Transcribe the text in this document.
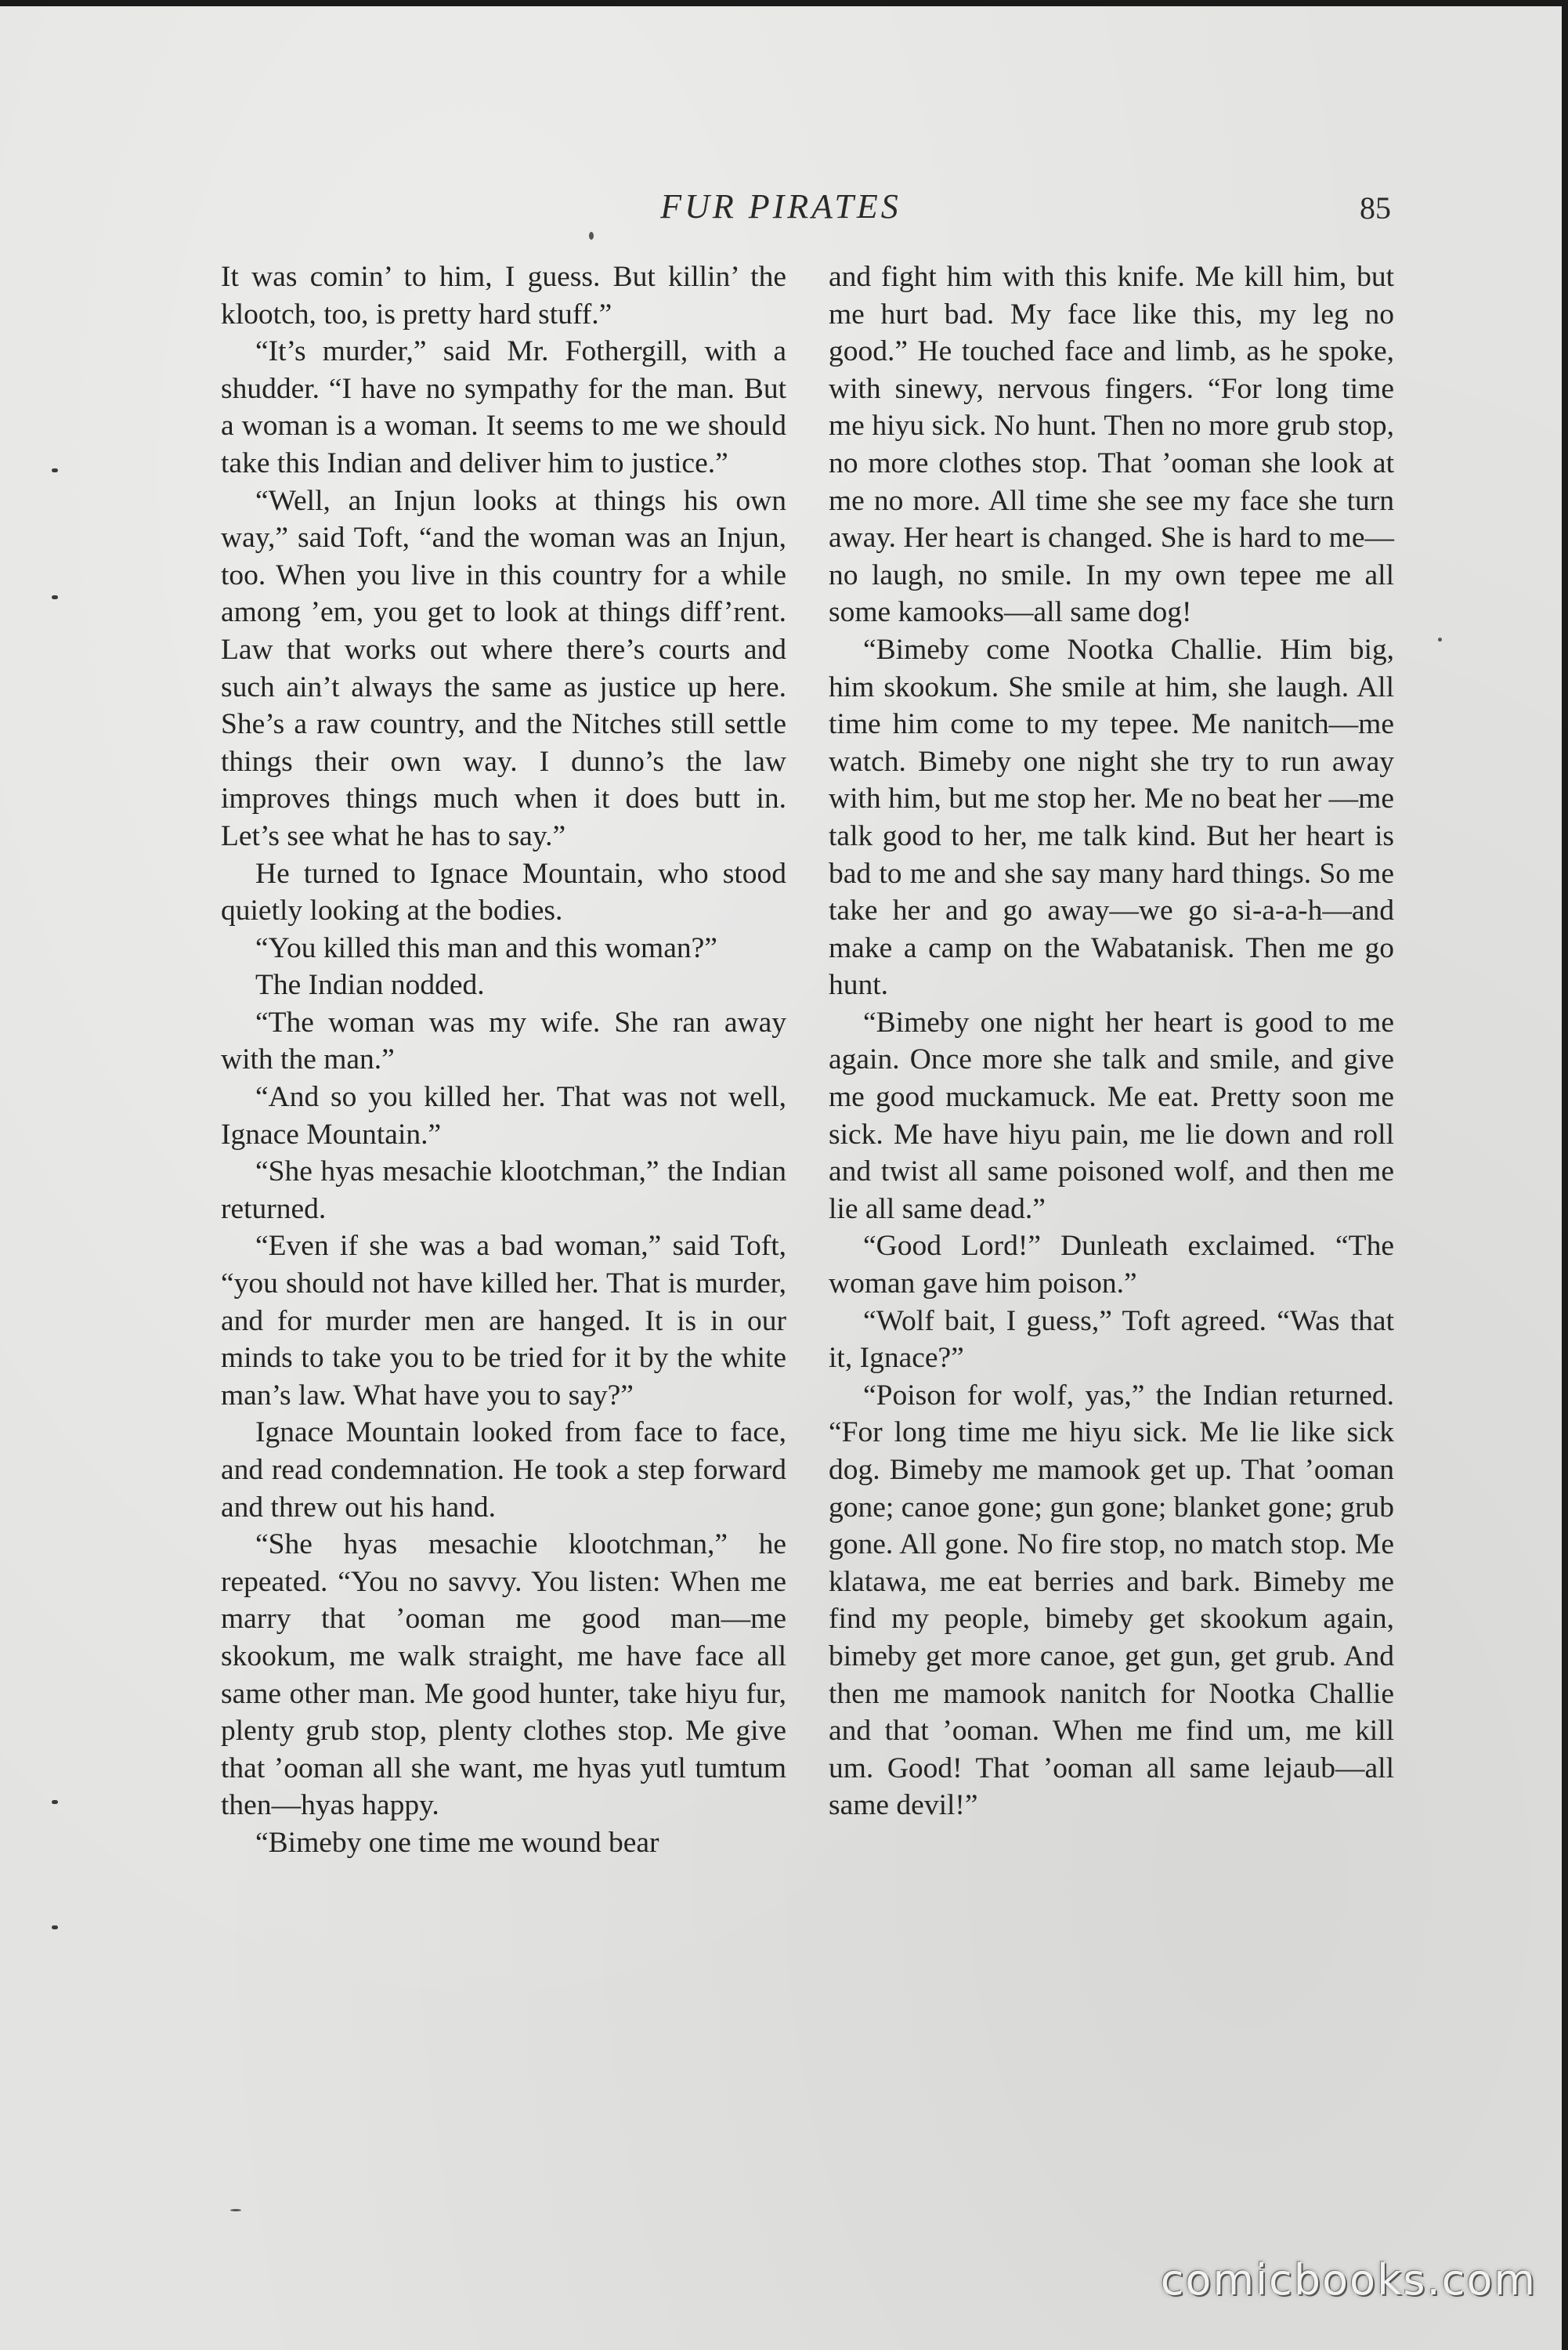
FUR PIRATES	85

It was comin’ to him, I guess. But killin’ the klootch, too, is pretty hard stuff.”

“It’s murder,” said Mr. Fothergill, with a shudder. “I have no sympathy for the man. But a woman is a woman. It seems to me we should take this Indian and deliver him to justice.”

“Well, an Injun looks at things his own way,” said Toft, “and the woman was an Injun, too. When you live in this country for a while among ’em, you get to look at things diff’rent. Law that works out where there’s courts and such ain’t always the same as justice up here. She’s a raw country, and the Nitches still settle things their own way. I dunno’s the law improves things much when it does butt in. Let’s see what he has to say.”

He turned to Ignace Mountain, who stood quietly looking at the bodies.

“You killed this man and this woman?”

The Indian nodded.

“The woman was my wife. She ran away with the man.”

“And so you killed her. That was not well, Ignace Mountain.”

“She hyas mesachie klootchman,” the Indian returned.

“Even if she was a bad woman,” said Toft, “you should not have killed her. That is murder, and for murder men are hanged. It is in our minds to take you to be tried for it by the white man’s law. What have you to say?”

Ignace Mountain looked from face to face, and read condemnation. He took a step forward and threw out his hand.

“She hyas mesachie klootchman,” he repeated. “You no savvy. You listen: When me marry that ’ooman me good man—me skookum, me walk straight, me have face all same other man. Me good hunter, take hiyu fur, plenty grub stop, plenty clothes stop. Me give that ’ooman all she want, me hyas yutl tumtum then—hyas happy.

“Bimeby one time me wound bear

and fight him with this knife. Me kill him, but me hurt bad. My face like this, my leg no good.” He touched face and limb, as he spoke, with sinewy, nervous fingers. “For long time me hiyu sick. No hunt. Then no more grub stop, no more clothes stop. That ’ooman she look at me no more. All time she see my face she turn away. Her heart is changed. She is hard to me—no laugh, no smile. In my own tepee me all some kamooks—all same dog!

“Bimeby come Nootka Challie. Him big, him skookum. She smile at him, she laugh. All time him come to my tepee. Me nanitch—me watch. Bimeby one night she try to run away with him, but me stop her. Me no beat her —me talk good to her, me talk kind. But her heart is bad to me and she say many hard things. So me take her and go away—we go si-a-a-h—and make a camp on the Wabatanisk. Then me go hunt.

“Bimeby one night her heart is good to me again. Once more she talk and smile, and give me good muckamuck. Me eat. Pretty soon me sick. Me have hiyu pain, me lie down and roll and twist all same poisoned wolf, and then me lie all same dead.”

“Good Lord!” Dunleath exclaimed. “The woman gave him poison.”

“Wolf bait, I guess,” Toft agreed. “Was that it, Ignace?”

“Poison for wolf, yas,” the Indian returned. “For long time me hiyu sick. Me lie like sick dog. Bimeby me mamook get up. That ’ooman gone; canoe gone; gun gone; blanket gone; grub gone. All gone. No fire stop, no match stop. Me klatawa, me eat berries and bark. Bimeby me find my people, bimeby get skookum again, bimeby get more canoe, get gun, get grub. And then me mamook nanitch for Nootka Challie and that ’ooman. When me find um, me kill um. Good! That ’ooman all same lejaub—all same devil!”

comicbooks.com
